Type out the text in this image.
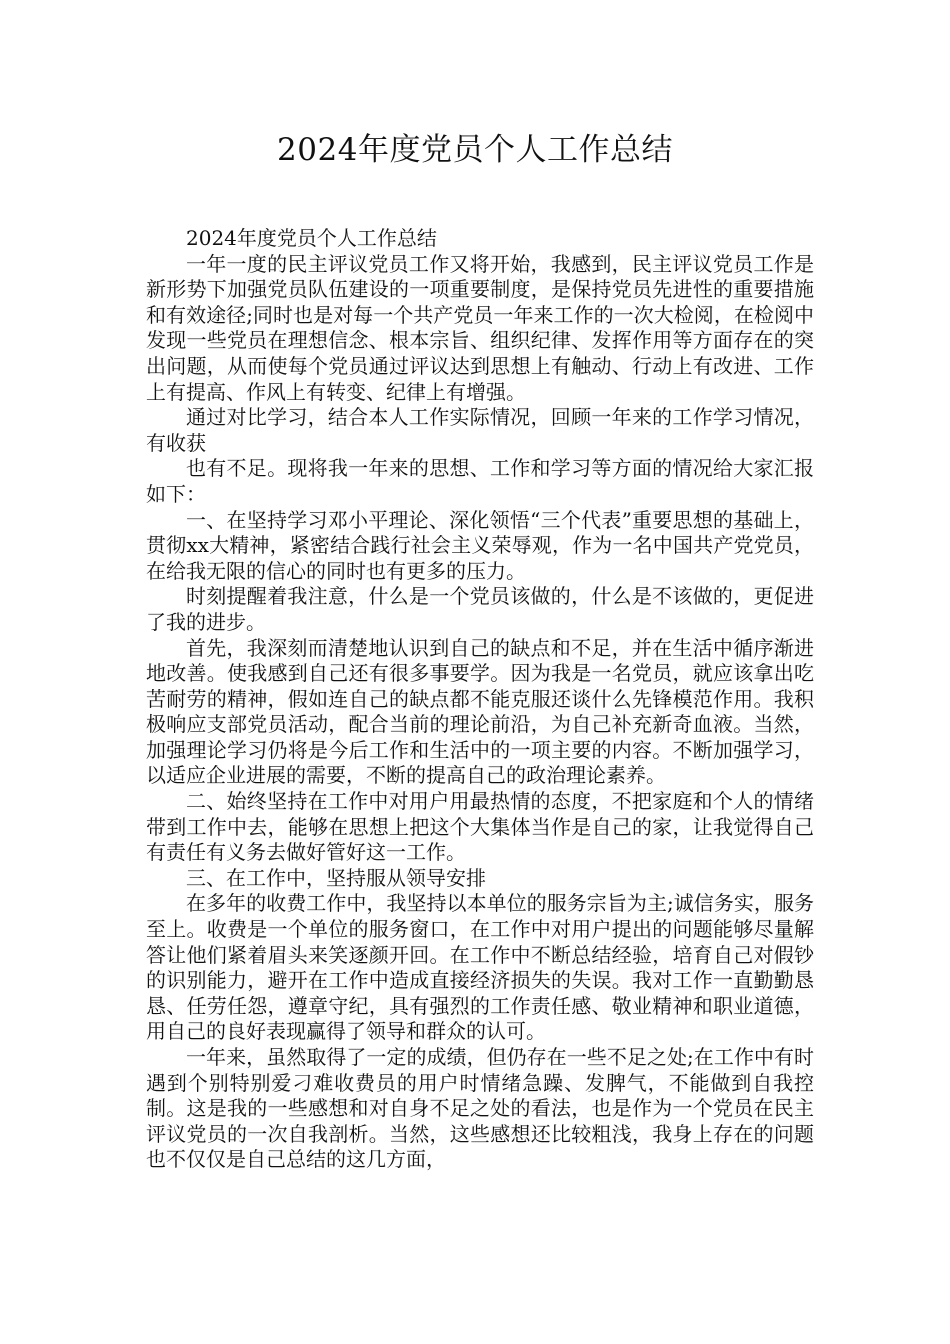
2024年度党员个人工作总结

2024年度党员个人工作总结

一年一度的民主评议党员工作又将开始，我感到，民主评议党员工作是新形势下加强党员队伍建设的一项重要制度，是保持党员先进性的重要措施和有效途径;同时也是对每一个共产党员一年来工作的一次大检阅，在检阅中发现一些党员在理想信念、根本宗旨、组织纪律、发挥作用等方面存在的突出问题，从而使每个党员通过评议达到思想上有触动、行动上有改进、工作上有提高、作风上有转变、纪律上有增强。

通过对比学习，结合本人工作实际情况，回顾一年来的工作学习情况，有收获

也有不足。现将我一年来的思想、工作和学习等方面的情况给大家汇报如下：

一、在坚持学习邓小平理论、深化领悟“三个代表”重要思想的基础上，贯彻xx大精神，紧密结合践行社会主义荣辱观，作为一名中国共产党党员，在给我无限的信心的同时也有更多的压力。

时刻提醒着我注意，什么是一个党员该做的，什么是不该做的，更促进了我的进步。

首先，我深刻而清楚地认识到自己的缺点和不足，并在生活中循序渐进地改善。使我感到自己还有很多事要学。因为我是一名党员，就应该拿出吃苦耐劳的精神，假如连自己的缺点都不能克服还谈什么先锋模范作用。我积极响应支部党员活动，配合当前的理论前沿，为自己补充新奇血液。当然，加强理论学习仍将是今后工作和生活中的一项主要的内容。不断加强学习，以适应企业进展的需要，不断的提高自己的政治理论素养。

二、始终坚持在工作中对用户用最热情的态度，不把家庭和个人的情绪带到工作中去，能够在思想上把这个大集体当作是自己的家，让我觉得自己有责任有义务去做好管好这一工作。

三、在工作中，坚持服从领导安排

在多年的收费工作中，我坚持以本单位的服务宗旨为主;诚信务实，服务至上。收费是一个单位的服务窗口，在工作中对用户提出的问题能够尽量解答让他们紧着眉头来笑逐颜开回。在工作中不断总结经验，培育自己对假钞的识别能力，避开在工作中造成直接经济损失的失误。我对工作一直勤勤恳恳、任劳任怨，遵章守纪，具有强烈的工作责任感、敬业精神和职业道德，用自己的良好表现赢得了领导和群众的认可。

一年来，虽然取得了一定的成绩，但仍存在一些不足之处;在工作中有时遇到个别特别爱刁难收费员的用户时情绪急躁、发脾气，不能做到自我控制。这是我的一些感想和对自身不足之处的看法，也是作为一个党员在民主评议党员的一次自我剖析。当然，这些感想还比较粗浅，我身上存在的问题也不仅仅是自己总结的这几方面，
